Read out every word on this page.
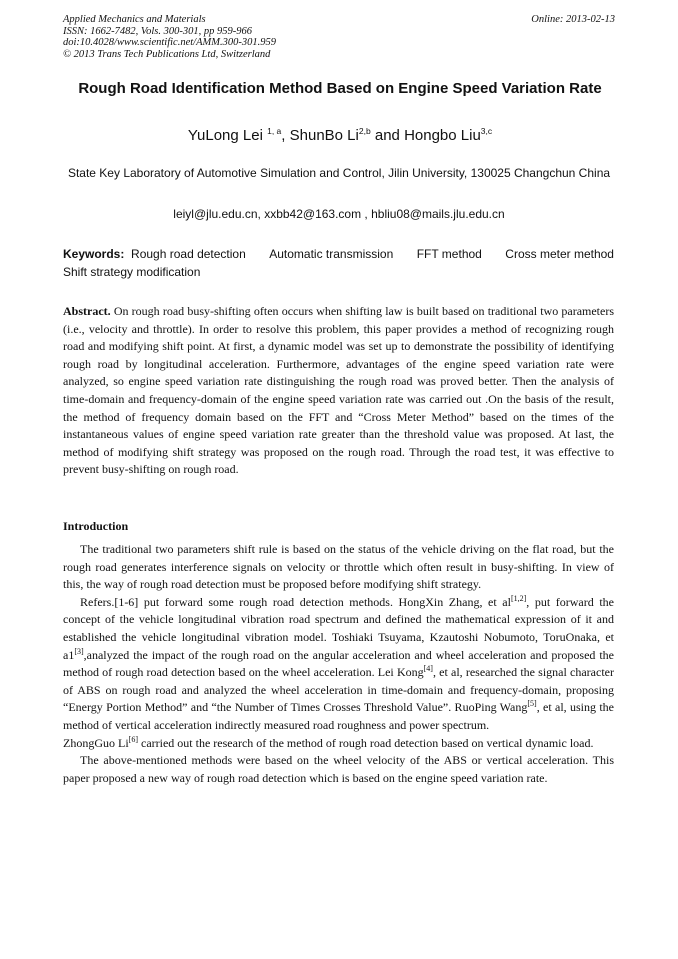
Applied Mechanics and Materials
ISSN: 1662-7482, Vols. 300-301, pp 959-966
doi:10.4028/www.scientific.net/AMM.300-301.959
© 2013 Trans Tech Publications Ltd, Switzerland
Online: 2013-02-13
Rough Road Identification Method Based on Engine Speed Variation Rate
YuLong Lei $^{1, a}$, ShunBo Li$^{2,b}$ and Hongbo Liu$^{3,c}$
State Key Laboratory of Automotive Simulation and Control, Jilin University, 130025 Changchun China
leiyl@jlu.edu.cn, xxbb42@163.com , hbliu08@mails.jlu.edu.cn
Keywords: Rough road detection Automatic transmission FFT method Cross meter method
Shift strategy modification
Abstract. On rough road busy-shifting often occurs when shifting law is built based on traditional two parameters (i.e., velocity and throttle). In order to resolve this problem, this paper provides a method of recognizing rough road and modifying shift point. At first, a dynamic model was set up to demonstrate the possibility of identifying rough road by longitudinal acceleration. Furthermore, advantages of the engine speed variation rate were analyzed, so engine speed variation rate distinguishing the rough road was proved better. Then the analysis of time-domain and frequency-domain of the engine speed variation rate was carried out .On the basis of the result, the method of frequency domain based on the FFT and “Cross Meter Method” based on the times of the instantaneous values of engine speed variation rate greater than the threshold value was proposed. At last, the method of modifying shift strategy was proposed on the rough road. Through the road test, it was effective to prevent busy-shifting on rough road.
Introduction

The traditional two parameters shift rule is based on the status of the vehicle driving on the flat road, but the rough road generates interference signals on velocity or throttle which often result in busy-shifting. In view of this, the way of rough road detection must be proposed before modifying shift strategy.

Refers.[1-6] put forward some rough road detection methods. HongXin Zhang, et al[1,2], put forward the concept of the vehicle longitudinal vibration road spectrum and defined the mathematical expression of it and established the vehicle longitudinal vibration model. Toshiaki Tsuyama, Kzautoshi Nobumoto, ToruOnaka, et a1[3],analyzed the impact of the rough road on the angular acceleration and wheel acceleration and proposed the method of rough road detection based on the wheel acceleration. Lei Kong[4], et al, researched the signal character of ABS on rough road and analyzed the wheel acceleration in time-domain and frequency-domain, proposing “Energy Portion Method” and “the Number of Times Crosses Threshold Value”. RuoPing Wang[5], et al, using the method of vertical acceleration indirectly measured road roughness and power spectrum.
ZhongGuo Li[6] carried out the research of the method of rough road detection based on vertical dynamic load.

The above-mentioned methods were based on the wheel velocity of the ABS or vertical acceleration. This paper proposed a new way of rough road detection which is based on the engine speed variation rate.
